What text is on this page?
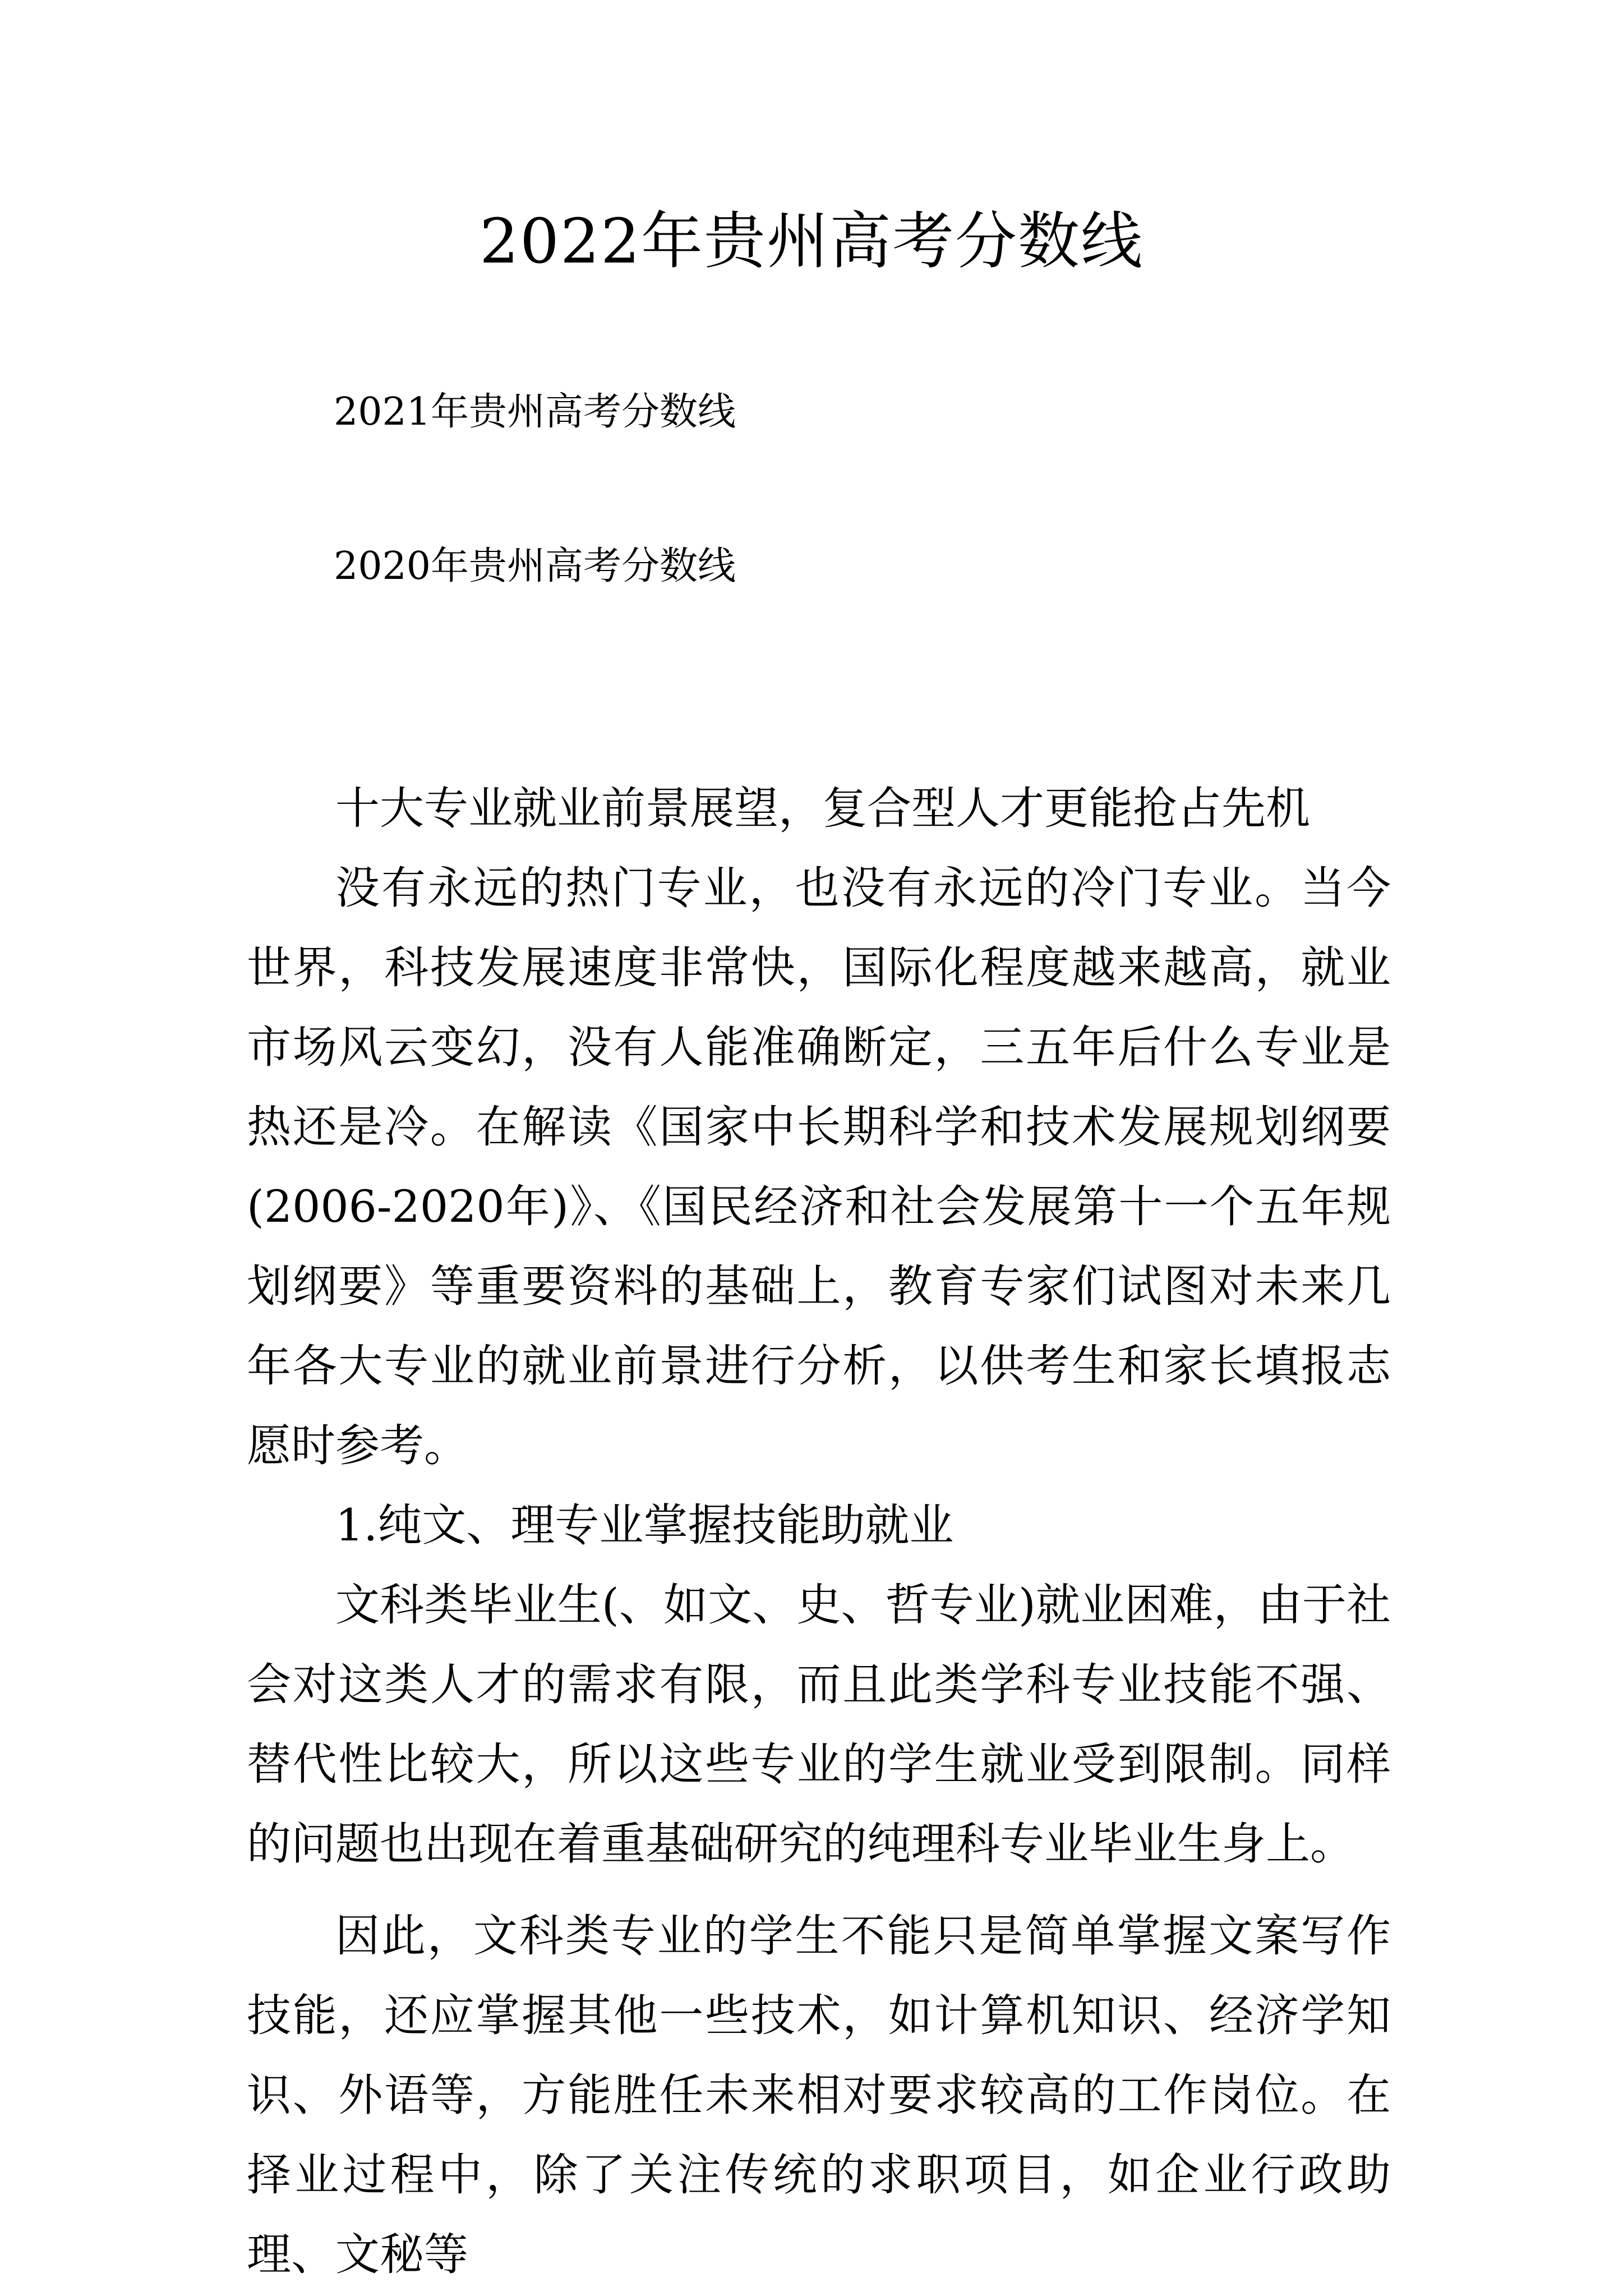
2022年贵州高考分数线
2021年贵州高考分数线
2020年贵州高考分数线

十大专业就业前景展望，复合型人才更能抢占先机

没有永远的热门专业，也没有永远的冷门专业。当今世界，科技发展速度非常快，国际化程度越来越高，就业市场风云变幻，没有人能准确断定，三五年后什么专业是热还是冷。在解读《国家中长期科学和技术发展规划纲要(2006-2020年)》、《国民经济和社会发展第十一个五年规划纲要》等重要资料的基础上，教育专家们试图对未来几年各大专业的就业前景进行分析，以供考生和家长填报志愿时参考。

1.纯文、理专业掌握技能助就业

文科类毕业生(、如文、史、哲专业)就业困难，由于社会对这类人才的需求有限，而且此类学科专业技能不强、替代性比较大，所以这些专业的学生就业受到限制。同样的问题也出现在着重基础研究的纯理科专业毕业生身上。

因此，文科类专业的学生不能只是简单掌握文案写作技能，还应掌握其他一些技术，如计算机知识、经济学知识、外语等，方能胜任未来相对要求较高的工作岗位。在择业过程中，除了关注传统的求职项目，如企业行政助理、文秘等
